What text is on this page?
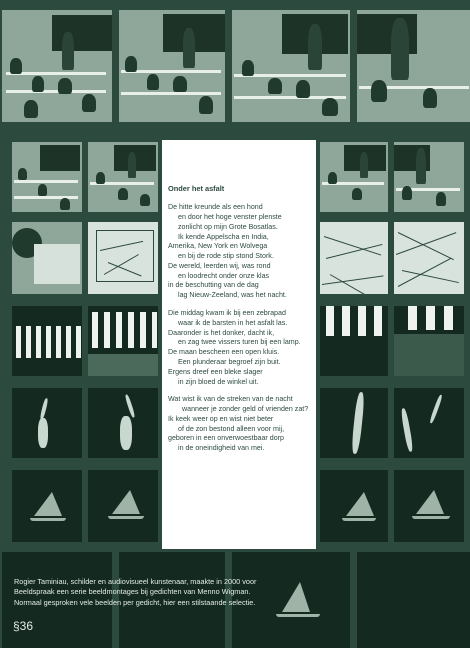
Onder het asfalt
De hitte kreunde als een hond
en door het hoge venster plenste
zonlicht op mijn Grote Bosatlas.
Ik kende Appelscha en India,
Amerika, New York en Wolvega
en bij de rode stip stond Stork.
De wereld, leerden wij, was rond
en loodrecht onder onze klas
in de beschutting van de dag
lag Nieuw-Zeeland, was het nacht.
Die middag kwam ik bij een zebrapad
waar ik de barsten in het asfalt las.
Daaronder is het donker, dacht ik,
en zag twee vissers turen bij een lamp.
De maan bescheen een open kluis.
Een plunderaar begroef zijn buit.
Ergens dreef een bleke slager
in zijn bloed de winkel uit.
Wat wist ik van de streken van de nacht
wanneer je zonder geld of vrienden zat?
Ik keek weer op en wist niet beter
of de zon bestond alleen voor mij,
geboren in een onverwoestbaar dorp
in de oneindigheid van mei.
Rogier Taminiau, schilder en audiovisueel kunstenaar, maakte in 2000 voor
Beeldspraak een serie beeldmontages bij gedichten van Menno Wigman.
Normaal gesproken vele beelden per gedicht, hier een stilstaande selectie.
§36
